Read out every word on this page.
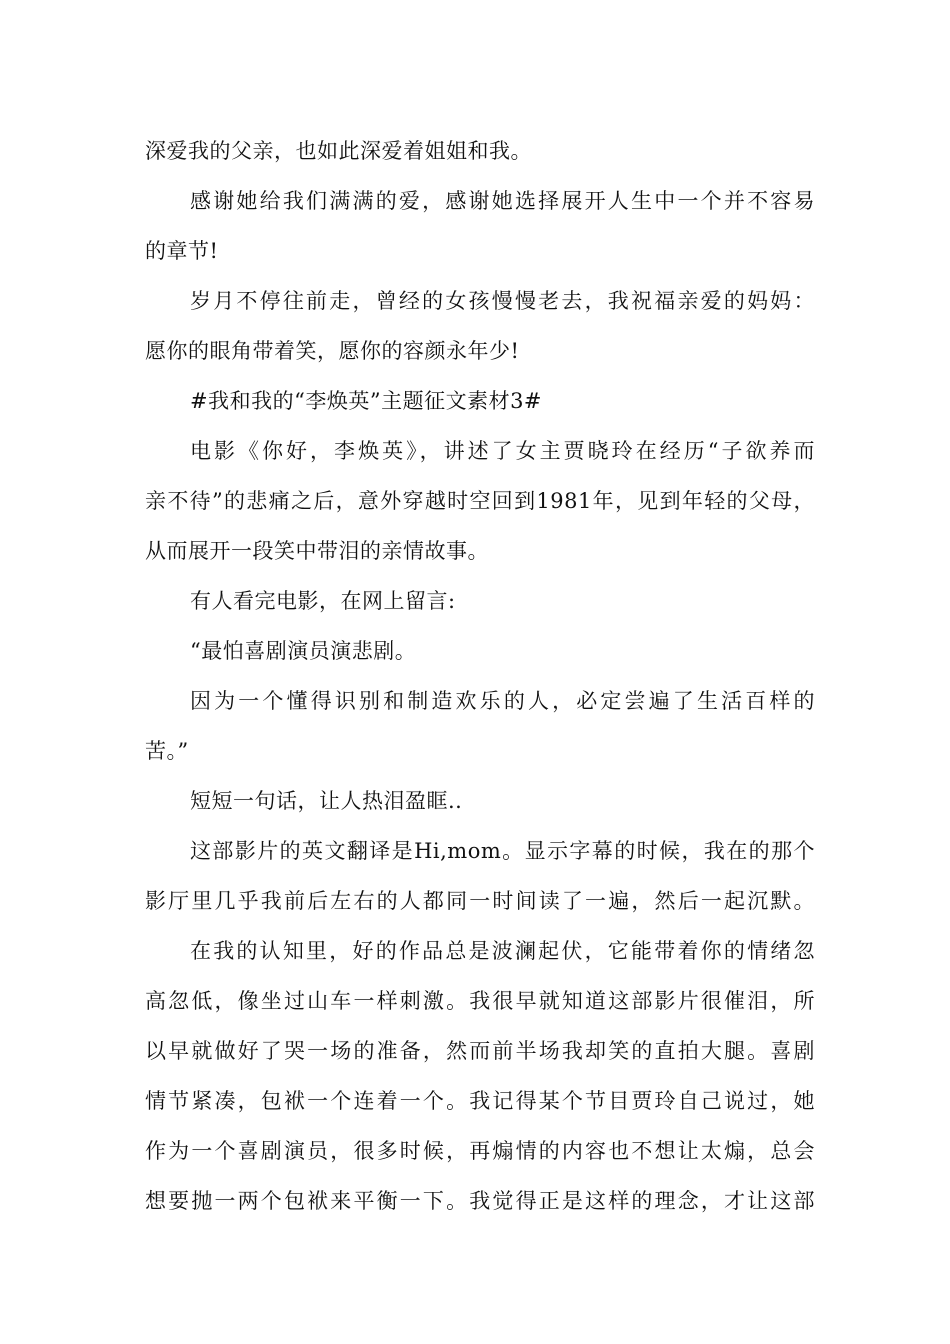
深爱我的父亲，也如此深爱着姐姐和我。
感谢她给我们满满的爱，感谢她选择展开人生中一个并不容易
的章节!
岁月不停往前走，曾经的女孩慢慢老去，我祝福亲爱的妈妈：
愿你的眼角带着笑，愿你的容颜永年少!
#我和我的“李焕英”主题征文素材3#
电影《你好，李焕英》，讲述了女主贾晓玲在经历“子欲养而
亲不待”的悲痛之后，意外穿越时空回到1981年，见到年轻的父母，
从而展开一段笑中带泪的亲情故事。
有人看完电影，在网上留言:
“最怕喜剧演员演悲剧。
因为一个懂得识别和制造欢乐的人，必定尝遍了生活百样的
苦。”
短短一句话，让人热泪盈眶..
这部影片的英文翻译是Hi,mom。显示字幕的时候，我在的那个
影厅里几乎我前后左右的人都同一时间读了一遍，然后一起沉默。
在我的认知里，好的作品总是波澜起伏，它能带着你的情绪忽
高忽低，像坐过山车一样刺激。我很早就知道这部影片很催泪，所
以早就做好了哭一场的准备，然而前半场我却笑的直拍大腿。喜剧
情节紧凑，包袱一个连着一个。我记得某个节目贾玲自己说过，她
作为一个喜剧演员，很多时候，再煽情的内容也不想让太煽，总会
想要抛一两个包袱来平衡一下。我觉得正是这样的理念，才让这部
